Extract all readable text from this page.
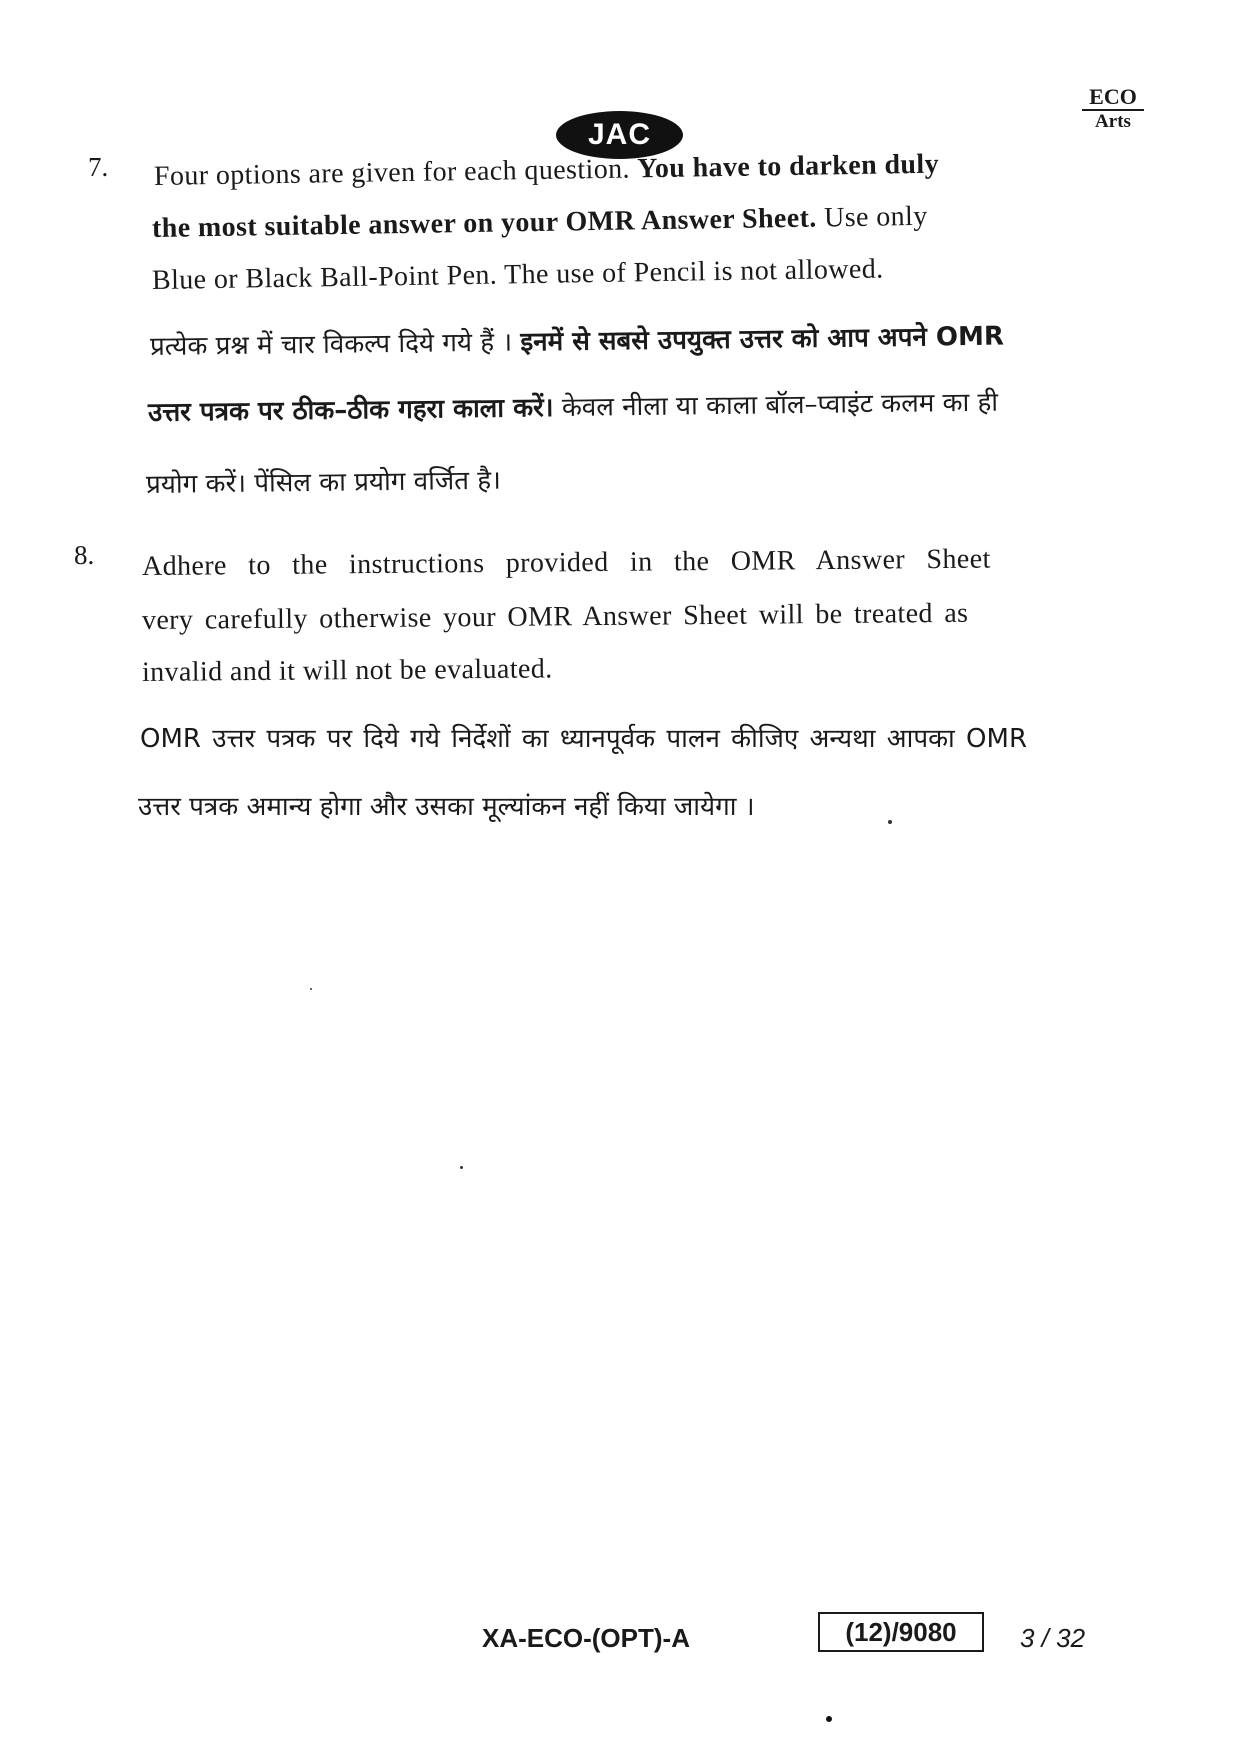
ECO
Arts
JAC
7. Four options are given for each question. You have to darken duly
the most suitable answer on your OMR Answer Sheet. Use only
Blue or Black Ball-Point Pen. The use of Pencil is not allowed.
प्रत्येक प्रश्न में चार विकल्प दिये गये हैं । इनमें से सबसे उपयुक्त उत्तर को आप अपने OMR
उत्तर पत्रक पर ठीक–ठीक गहरा काला करें। केवल नीला या काला बॉल–प्वाइंट कलम का ही
प्रयोग करें। पेंसिल का प्रयोग वर्जित है।
8. Adhere to the instructions provided in the OMR Answer Sheet
very carefully otherwise your OMR Answer Sheet will be treated as
invalid and it will not be evaluated.
OMR उत्तर पत्रक पर दिये गये निर्देशों का ध्यानपूर्वक पालन कीजिए अन्यथा आपका OMR
उत्तर पत्रक अमान्य होगा और उसका मूल्यांकन नहीं किया जायेगा ।
XA-ECO-(OPT)-A	(12)/9080	3 / 32
